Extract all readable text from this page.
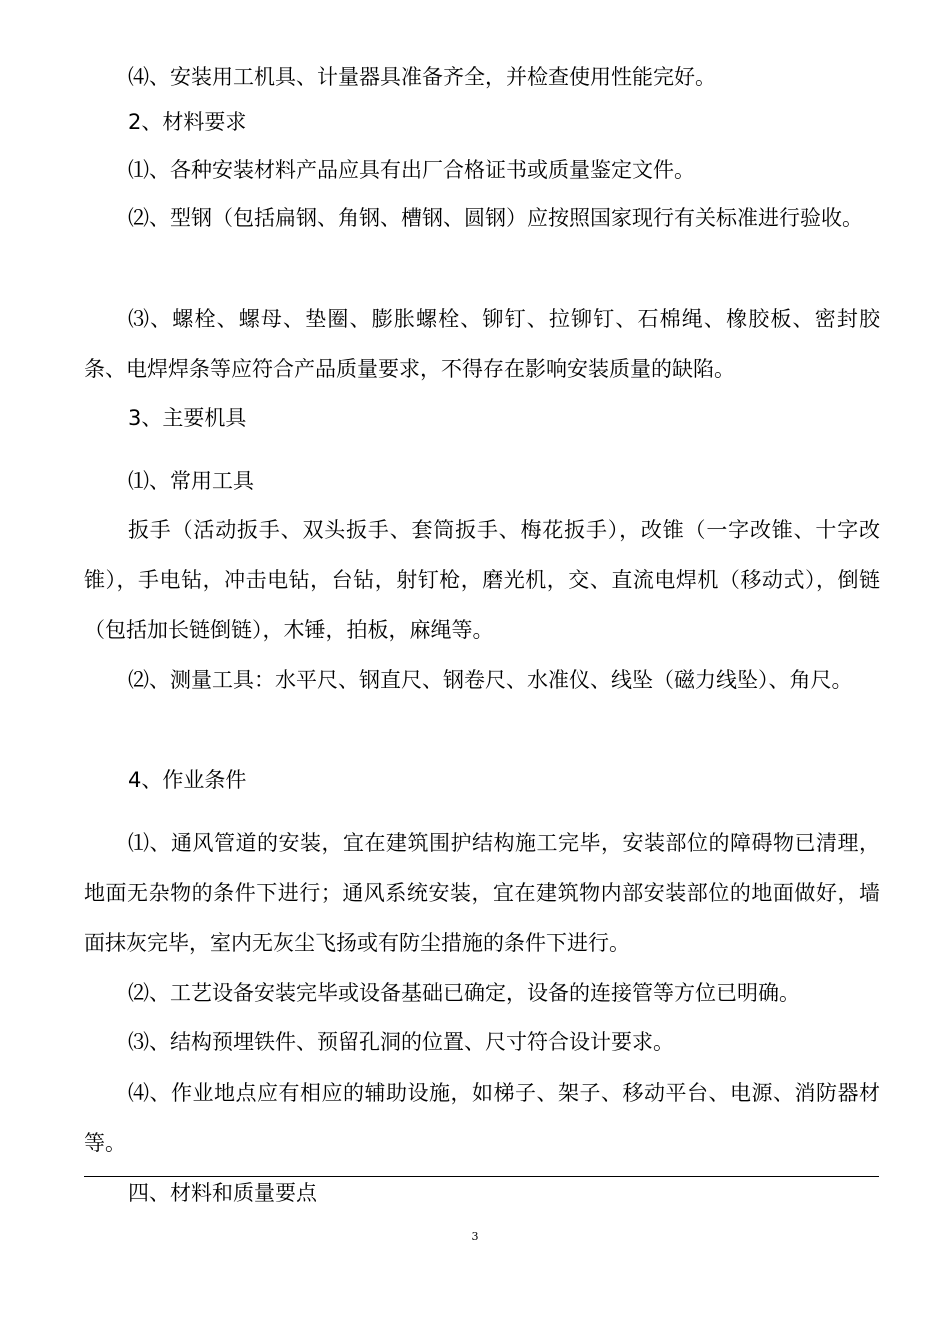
⑷、安装用工机具、计量器具准备齐全，并检查使用性能完好。

2、材料要求

⑴、各种安装材料产品应具有出厂合格证书或质量鉴定文件。

⑵、型钢（包括扁钢、角钢、槽钢、圆钢）应按照国家现行有关标准进行验收。

⑶、螺栓、螺母、垫圈、膨胀螺栓、铆钉、拉铆钉、石棉绳、橡胶板、密封胶条、电焊焊条等应符合产品质量要求，不得存在影响安装质量的缺陷。

3、主要机具

⑴、常用工具

扳手（活动扳手、双头扳手、套筒扳手、梅花扳手），改锥（一字改锥、十字改锥），手电钻，冲击电钻，台钻，射钉枪，磨光机，交、直流电焊机（移动式），倒链（包括加长链倒链），木锤，拍板，麻绳等。

⑵、测量工具：水平尺、钢直尺、钢卷尺、水准仪、线坠（磁力线坠）、角尺。

4、作业条件

⑴、通风管道的安装，宜在建筑围护结构施工完毕，安装部位的障碍物已清理，地面无杂物的条件下进行；通风系统安装，宜在建筑物内部安装部位的地面做好，墙面抹灰完毕，室内无灰尘飞扬或有防尘措施的条件下进行。

⑵、工艺设备安装完毕或设备基础已确定，设备的连接管等方位已明确。

⑶、结构预埋铁件、预留孔洞的位置、尺寸符合设计要求。

⑷、作业地点应有相应的辅助设施，如梯子、架子、移动平台、电源、消防器材等。

四、材料和质量要点

3
